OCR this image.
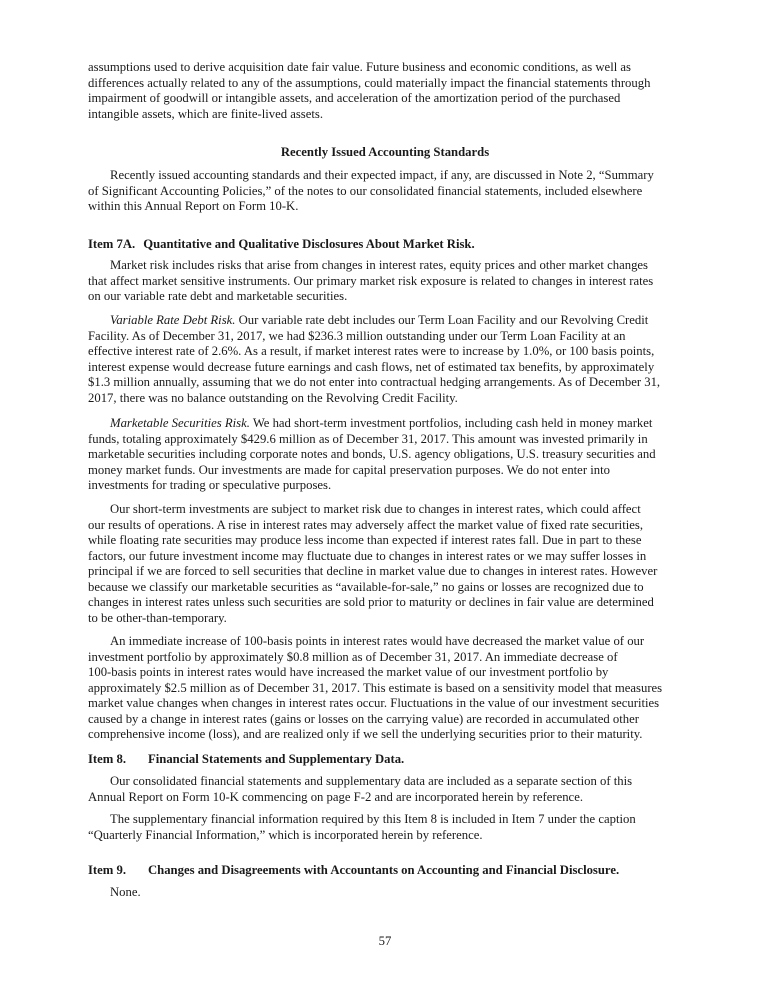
assumptions used to derive acquisition date fair value. Future business and economic conditions, as well as
differences actually related to any of the assumptions, could materially impact the financial statements through
impairment of goodwill or intangible assets, and acceleration of the amortization period of the purchased
intangible assets, which are finite-lived assets.
Recently Issued Accounting Standards
Recently issued accounting standards and their expected impact, if any, are discussed in Note 2, “Summary
of Significant Accounting Policies,” of the notes to our consolidated financial statements, included elsewhere
within this Annual Report on Form 10-K.
Item 7A. Quantitative and Qualitative Disclosures About Market Risk.
Market risk includes risks that arise from changes in interest rates, equity prices and other market changes
that affect market sensitive instruments. Our primary market risk exposure is related to changes in interest rates
on our variable rate debt and marketable securities.
Variable Rate Debt Risk. Our variable rate debt includes our Term Loan Facility and our Revolving Credit
Facility. As of December 31, 2017, we had $236.3 million outstanding under our Term Loan Facility at an
effective interest rate of 2.6%. As a result, if market interest rates were to increase by 1.0%, or 100 basis points,
interest expense would decrease future earnings and cash flows, net of estimated tax benefits, by approximately
$1.3 million annually, assuming that we do not enter into contractual hedging arrangements. As of December 31,
2017, there was no balance outstanding on the Revolving Credit Facility.
Marketable Securities Risk. We had short-term investment portfolios, including cash held in money market
funds, totaling approximately $429.6 million as of December 31, 2017. This amount was invested primarily in
marketable securities including corporate notes and bonds, U.S. agency obligations, U.S. treasury securities and
money market funds. Our investments are made for capital preservation purposes. We do not enter into
investments for trading or speculative purposes.
Our short-term investments are subject to market risk due to changes in interest rates, which could affect
our results of operations. A rise in interest rates may adversely affect the market value of fixed rate securities,
while floating rate securities may produce less income than expected if interest rates fall. Due in part to these
factors, our future investment income may fluctuate due to changes in interest rates or we may suffer losses in
principal if we are forced to sell securities that decline in market value due to changes in interest rates. However
because we classify our marketable securities as “available-for-sale,” no gains or losses are recognized due to
changes in interest rates unless such securities are sold prior to maturity or declines in fair value are determined
to be other-than-temporary.
An immediate increase of 100-basis points in interest rates would have decreased the market value of our
investment portfolio by approximately $0.8 million as of December 31, 2017. An immediate decrease of
100-basis points in interest rates would have increased the market value of our investment portfolio by
approximately $2.5 million as of December 31, 2017. This estimate is based on a sensitivity model that measures
market value changes when changes in interest rates occur. Fluctuations in the value of our investment securities
caused by a change in interest rates (gains or losses on the carrying value) are recorded in accumulated other
comprehensive income (loss), and are realized only if we sell the underlying securities prior to their maturity.
Item 8. Financial Statements and Supplementary Data.
Our consolidated financial statements and supplementary data are included as a separate section of this
Annual Report on Form 10-K commencing on page F-2 and are incorporated herein by reference.
The supplementary financial information required by this Item 8 is included in Item 7 under the caption
“Quarterly Financial Information,” which is incorporated herein by reference.
Item 9. Changes and Disagreements with Accountants on Accounting and Financial Disclosure.
None.
57
